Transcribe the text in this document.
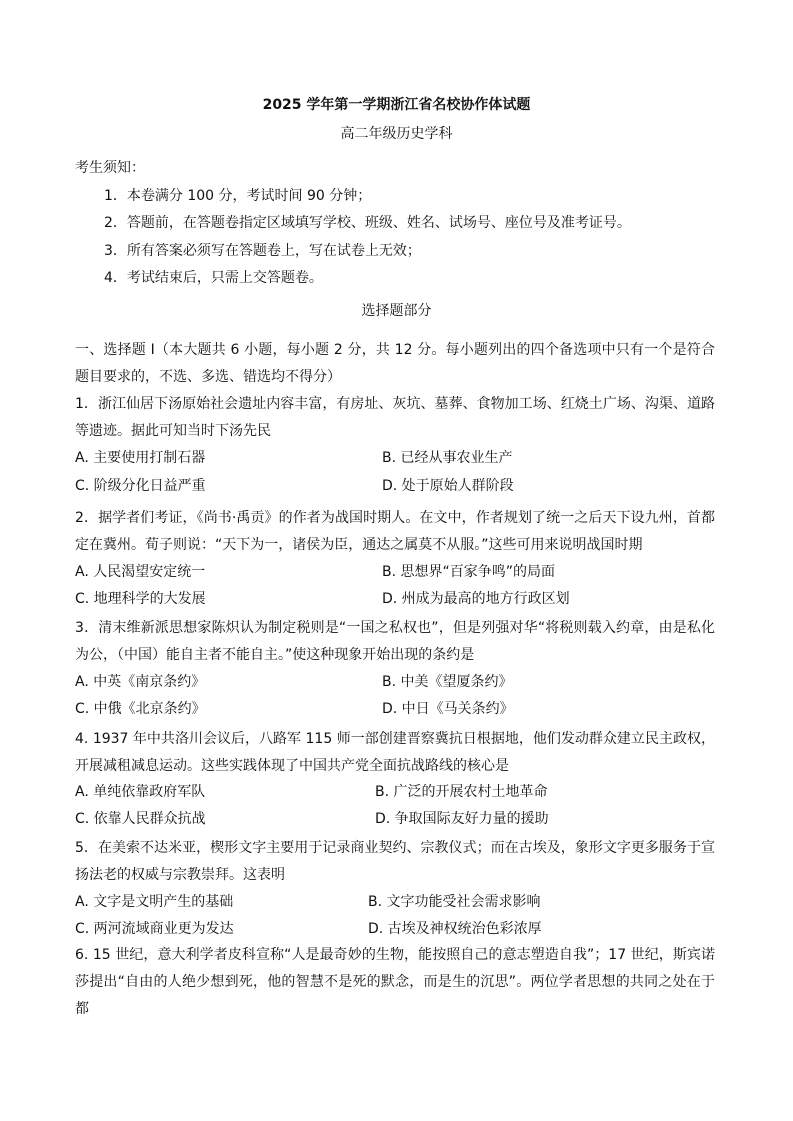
2025 学年第一学期浙江省名校协作体试题
高二年级历史学科
考生须知：
1．本卷满分 100 分，考试时间 90 分钟；
2．答题前，在答题卷指定区域填写学校、班级、姓名、试场号、座位号及准考证号。
3．所有答案必须写在答题卷上，写在试卷上无效；
4．考试结束后，只需上交答题卷。
选择题部分
一、选择题 I（本大题共 6 小题，每小题 2 分，共 12 分。每小题列出的四个备选项中只有一个是符合题目要求的，不选、多选、错选均不得分）
1．浙江仙居下汤原始社会遗址内容丰富，有房址、灰坑、墓葬、食物加工场、红烧土广场、沟渠、道路等遗迹。据此可知当时下汤先民
A. 主要使用打制石器	B. 已经从事农业生产
C. 阶级分化日益严重	D. 处于原始人群阶段
2．据学者们考证，《尚书·禹贡》的作者为战国时期人。在文中，作者规划了统一之后天下设九州，首都定在冀州。荀子则说：“天下为一，诸侯为臣，通达之属莫不从服。”这些可用来说明战国时期
A. 人民渴望安定统一	B. 思想界“百家争鸣”的局面
C. 地理科学的大发展	D. 州成为最高的地方行政区划
3．清末维新派思想家陈炽认为制定税则是“一国之私权也”，但是列强对华“将税则载入约章，由是私化为公，（中国）能自主者不能自主。”使这种现象开始出现的条约是
A. 中英《南京条约》	B. 中美《望厦条约》
C. 中俄《北京条约》	D. 中日《马关条约》
4. 1937 年中共洛川会议后，八路军 115 师一部创建晋察冀抗日根据地，他们发动群众建立民主政权，开展减租减息运动。这些实践体现了中国共产党全面抗战路线的核心是
A. 单纯依靠政府军队	B. 广泛的开展农村土地革命
C. 依靠人民群众抗战	D. 争取国际友好力量的援助
5．在美索不达米亚，楔形文字主要用于记录商业契约、宗教仪式；而在古埃及，象形文字更多服务于宣扬法老的权威与宗教崇拜。这表明
A. 文字是文明产生的基础	B. 文字功能受社会需求影响
C. 两河流域商业更为发达	D. 古埃及神权统治色彩浓厚
6. 15 世纪，意大利学者皮科宣称“人是最奇妙的生物，能按照自己的意志塑造自我”；17 世纪，斯宾诺莎提出“自由的人绝少想到死，他的智慧不是死的默念，而是生的沉思”。两位学者思想的共同之处在于都
